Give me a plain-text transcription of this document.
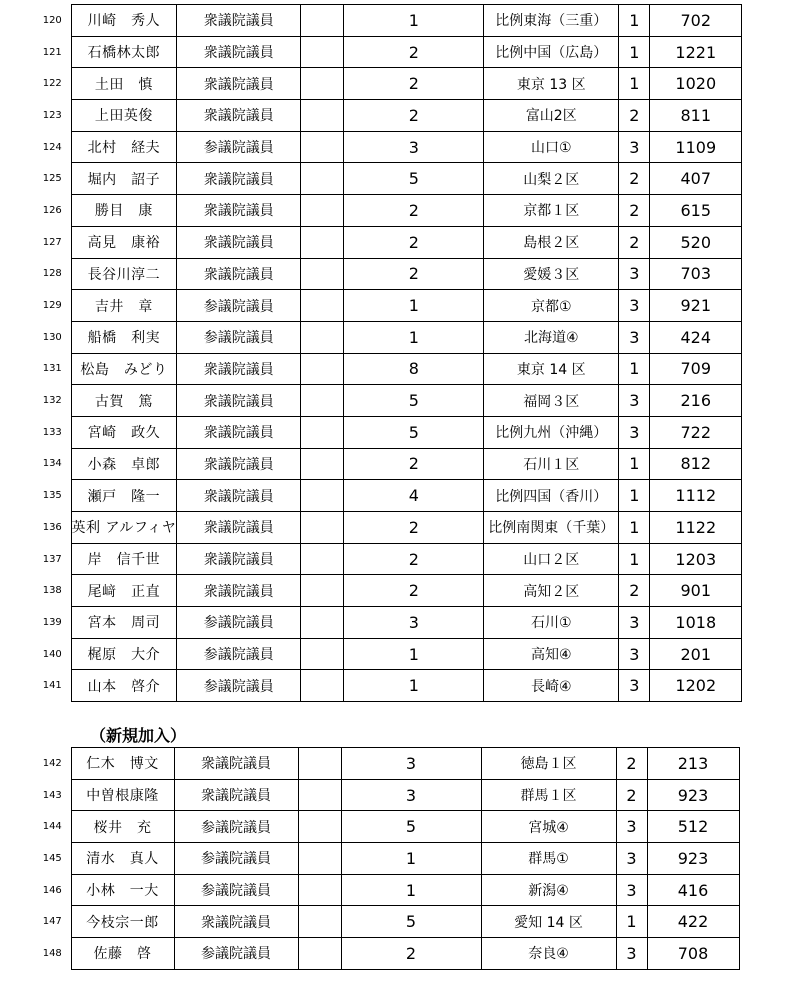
120	川崎　秀人	衆議院議員		1	比例東海（三重）	1	702
121	石橋林太郎	衆議院議員		2	比例中国（広島）	1	1221
122	土田　慎	衆議院議員		2	東京 13 区	1	1020
123	上田英俊	衆議院議員		2	富山2区	2	811
124	北村　経夫	参議院議員		3	山口①	3	1109
125	堀内　詔子	衆議院議員		5	山梨２区	2	407
126	勝目　康	衆議院議員		2	京都１区	2	615
127	高見　康裕	衆議院議員		2	島根２区	2	520
128	長谷川淳二	衆議院議員		2	愛媛３区	3	703
129	吉井　章	参議院議員		1	京都①	3	921
130	船橋　利実	参議院議員		1	北海道④	3	424
131	松島　みどり	衆議院議員		8	東京 14 区	1	709
132	古賀　篤	衆議院議員		5	福岡３区	3	216
133	宮崎　政久	衆議院議員		5	比例九州（沖縄）	3	722
134	小森　卓郎	衆議院議員		2	石川１区	1	812
135	瀬戸　隆一	衆議院議員		4	比例四国（香川）	1	1112
136	英利 アルフィヤ	衆議院議員		2	比例南関東（千葉）	1	1122
137	岸　信千世	衆議院議員		2	山口２区	1	1203
138	尾﨑　正直	衆議院議員		2	高知２区	2	901
139	宮本　周司	参議院議員		3	石川①	3	1018
140	梶原　大介	参議院議員		1	高知④	3	201
141	山本　啓介	参議院議員		1	長崎④	3	1202
（新規加入）
142	仁木　博文	衆議院議員		3	徳島１区	2	213
143	中曽根康隆	衆議院議員		3	群馬１区	2	923
144	桜井　充	参議院議員		5	宮城④	3	512
145	清水　真人	参議院議員		1	群馬①	3	923
146	小林　一大	参議院議員		1	新潟④	3	416
147	今枝宗一郎	衆議院議員		5	愛知 14 区	1	422
148	佐藤　啓	参議院議員		2	奈良④	3	708
